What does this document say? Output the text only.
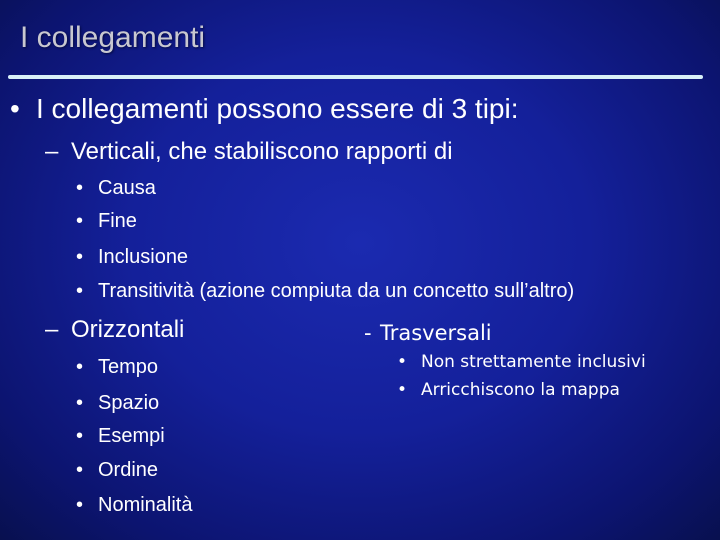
I collegamenti
• I collegamenti possono essere di 3 tipi:
– Verticali, che stabiliscono rapporti di
• Causa
• Fine
• Inclusione
• Transitività (azione compiuta da un concetto sull’altro)
– Orizzontali
• Tempo
• Spazio
• Esempi
• Ordine
• Nominalità
- Trasversali
• Non strettamente inclusivi
• Arricchiscono la mappa
